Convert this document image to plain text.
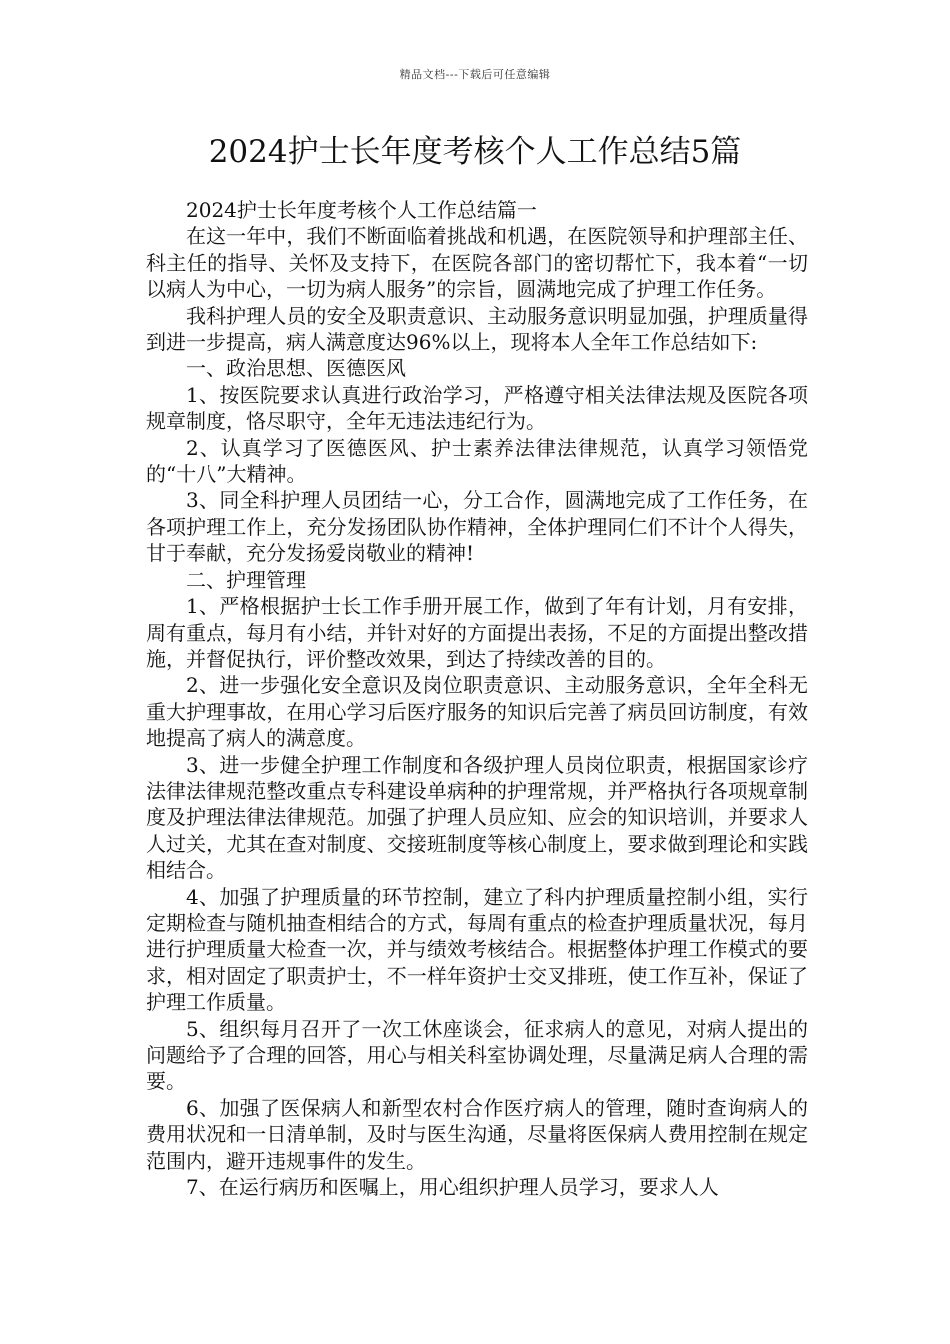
精品文档---下载后可任意编辑
2024护士长年度考核个人工作总结5篇

2024护士长年度考核个人工作总结篇一

在这一年中，我们不断面临着挑战和机遇，在医院领导和护理部主任、科主任的指导、关怀及支持下，在医院各部门的密切帮忙下，我本着“一切以病人为中心，一切为病人服务”的宗旨，圆满地完成了护理工作任务。

我科护理人员的安全及职责意识、主动服务意识明显加强，护理质量得到进一步提高，病人满意度达96%以上，现将本人全年工作总结如下:

一、政治思想、医德医风

1、按医院要求认真进行政治学习，严格遵守相关法律法规及医院各项规章制度，恪尽职守，全年无违法违纪行为。

2、认真学习了医德医风、护士素养法律法律规范，认真学习领悟党的“十八”大精神。

3、同全科护理人员团结一心，分工合作，圆满地完成了工作任务，在各项护理工作上，充分发扬团队协作精神，全体护理同仁们不计个人得失，甘于奉献，充分发扬爱岗敬业的精神!

二、护理管理

1、严格根据护士长工作手册开展工作，做到了年有计划，月有安排，周有重点，每月有小结，并针对好的方面提出表扬，不足的方面提出整改措施，并督促执行，评价整改效果，到达了持续改善的目的。

2、进一步强化安全意识及岗位职责意识、主动服务意识，全年全科无重大护理事故，在用心学习后医疗服务的知识后完善了病员回访制度，有效地提高了病人的满意度。

3、进一步健全护理工作制度和各级护理人员岗位职责，根据国家诊疗法律法律规范整改重点专科建设单病种的护理常规，并严格执行各项规章制度及护理法律法律规范。加强了护理人员应知、应会的知识培训，并要求人人过关，尤其在查对制度、交接班制度等核心制度上，要求做到理论和实践相结合。

4、加强了护理质量的环节控制，建立了科内护理质量控制小组，实行定期检查与随机抽查相结合的方式，每周有重点的检查护理质量状况，每月进行护理质量大检查一次，并与绩效考核结合。根据整体护理工作模式的要求，相对固定了职责护士，不一样年资护士交叉排班，使工作互补，保证了护理工作质量。

5、组织每月召开了一次工休座谈会，征求病人的意见，对病人提出的问题给予了合理的回答，用心与相关科室协调处理，尽量满足病人合理的需要。

6、加强了医保病人和新型农村合作医疗病人的管理，随时查询病人的费用状况和一日清单制，及时与医生沟通，尽量将医保病人费用控制在规定范围内，避开违规事件的发生。

7、在运行病历和医嘱上，用心组织护理人员学习，要求人人
